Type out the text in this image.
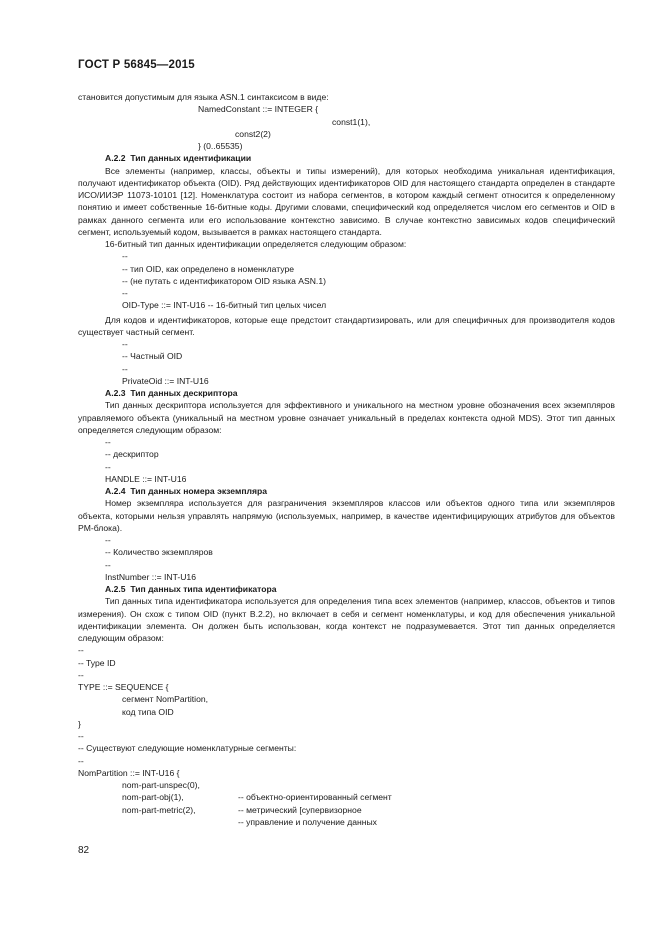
ГОСТ Р 56845—2015
становится допустимым для языка ASN.1 синтаксисом в виде:
NamedConstant ::= INTEGER {
const1(1),
const2(2)
} (0..65535)
А.2.2  Тип данных идентификации

Все элементы (например, классы, объекты и типы измерений), для которых необходима уникальная идентификация, получают идентификатор объекта (OID). Ряд действующих идентификаторов OID для настоящего стандарта определен в стандарте ИСО/ИИЭР 11073-10101 [12]. Номенклатура состоит из набора сегментов, в котором каждый сегмент относится к определенному понятию и имеет собственные 16-битные коды. Другими словами, специфический код определяется числом его сегментов и OID в рамках данного сегмента или его использование контекстно зависимо. В случае контекстно зависимых кодов специфический сегмент, используемый кодом, вызывается в рамках настоящего стандарта.

16-битный тип данных идентификации определяется следующим образом:

--
-- тип OID, как определено в номенклатуре
-- (не путать с идентификатором OID языка ASN.1)
--
OID-Type ::= INT-U16 -- 16-битный тип целых чисел

Для кодов и идентификаторов, которые еще предстоит стандартизировать, или для специфичных для производителя кодов существует частный сегмент.

--
-- Частный OID
--
PrivateOid ::= INT-U16
А.2.3  Тип данных дескриптора

Тип данных дескриптора используется для эффективного и уникального на местном уровне обозначения всех экземпляров управляемого объекта (уникальный на местном уровне означает уникальный в пределах контекста одной MDS). Этот тип данных определяется следующим образом:

--
-- дескриптор
--
HANDLE ::= INT-U16
А.2.4  Тип данных номера экземпляра

Номер экземпляра используется для разграничения экземпляров классов или объектов одного типа или экземпляров объекта, которыми нельзя управлять напрямую (используемых, например, в качестве идентифицирующих атрибутов для объектов PM-блока).

--
-- Количество экземпляров
--
InstNumber ::= INT-U16
А.2.5  Тип данных типа идентификатора

Тип данных типа идентификатора используется для определения типа всех элементов (например, классов, объектов и типов измерения). Он схож с типом OID (пункт B.2.2), но включает в себя и сегмент номенклатуры, и код для обеспечения уникальной идентификации элемента. Он должен быть использован, когда контекст не подразумевается. Этот тип данных определяется следующим образом:

--
-- Type ID
--
TYPE ::= SEQUENCE {
сегмент NomPartition,
код типа OID
}
--
-- Существуют следующие номенклатурные сегменты:
--
NomPartition ::= INT-U16 {
nom-part-unspec(0),
nom-part-obj(1),	-- объектно-ориентированный сегмент
nom-part-metric(2),	-- метрический [супервизорное
-- управление и получение данных
82
